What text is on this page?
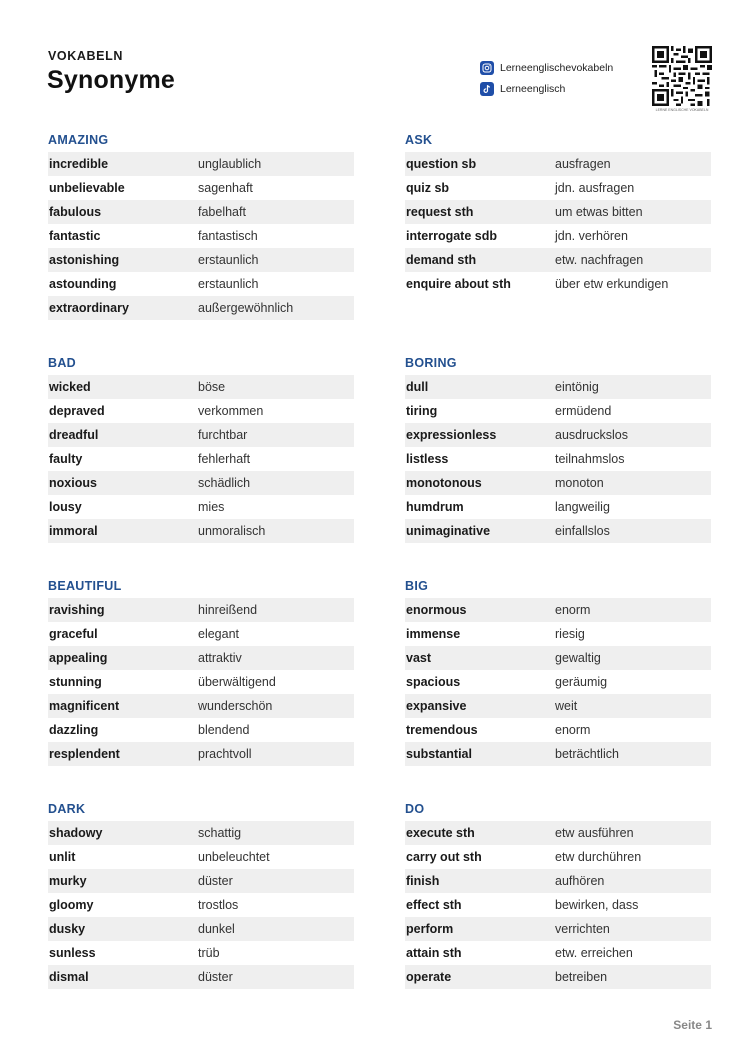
VOKABELN
Synonyme	Lerneenglischevokabeln
Lerneenglisch
LERNE ENGLISCHE VOKABELN
AMAZING
incredible	unglaublich
unbelievable	sagenhaft
fabulous	fabelhaft
fantastic	fantastisch
astonishing	erstaunlich
astounding	erstaunlich
extraordinary	außergewöhnlich
ASK
question sb	ausfragen
quiz sb	jdn. ausfragen
request sth	um etwas bitten
interrogate sdb	jdn. verhören
demand sth	etw. nachfragen
enquire about sth	über etw erkundigen
BAD
wicked	böse
depraved	verkommen
dreadful	furchtbar
faulty	fehlerhaft
noxious	schädlich
lousy	mies
immoral	unmoralisch
BORING
dull	eintönig
tiring	ermüdend
expressionless	ausdruckslos
listless	teilnahmslos
monotonous	monoton
humdrum	langweilig
unimaginative	einfallslos
BEAUTIFUL
ravishing	hinreißend
graceful	elegant
appealing	attraktiv
stunning	überwältigend
magnificent	wunderschön
dazzling	blendend
resplendent	prachtvoll
BIG
enormous	enorm
immense	riesig
vast	gewaltig
spacious	geräumig
expansive	weit
tremendous	enorm
substantial	beträchtlich
DARK
shadowy	schattig
unlit	unbeleuchtet
murky	düster
gloomy	trostlos
dusky	dunkel
sunless	trüb
dismal	düster
DO
execute sth	etw ausführen
carry out sth	etw durchühren
finish	aufhören
effect sth	bewirken, dass
perform	verrichten
attain sth	etw. erreichen
operate	betreiben
Seite 1
